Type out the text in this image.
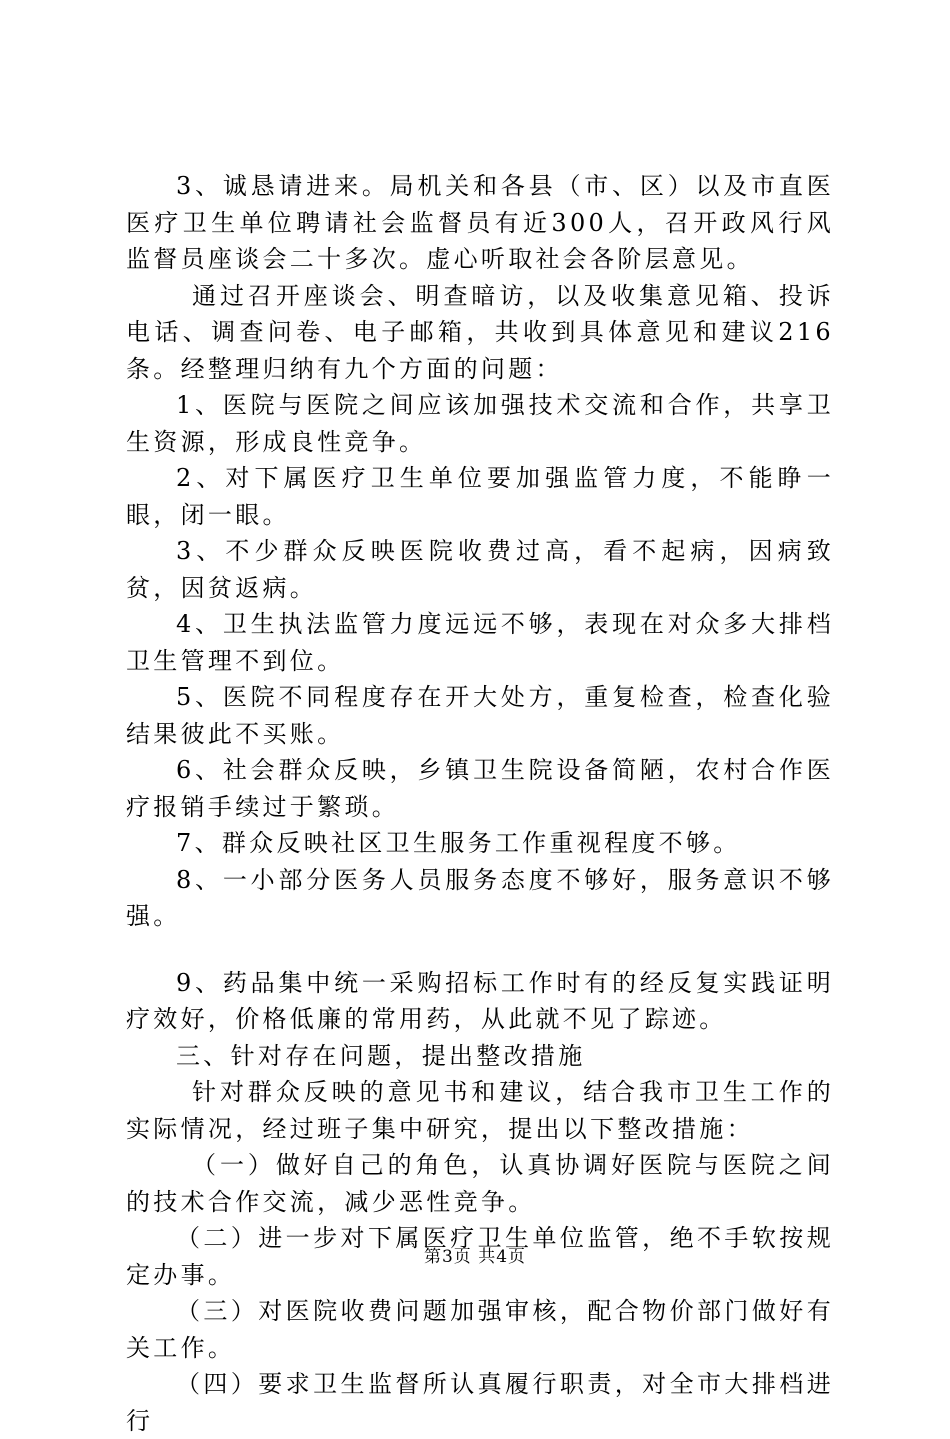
3、诚恳请进来。局机关和各县（市、区）以及市直医医疗卫生单位聘请社会监督员有近300人，召开政风行风监督员座谈会二十多次。虚心听取社会各阶层意见。

通过召开座谈会、明查暗访，以及收集意见箱、投诉电话、调查问卷、电子邮箱，共收到具体意见和建议216条。经整理归纳有九个方面的问题：

1、医院与医院之间应该加强技术交流和合作，共享卫生资源，形成良性竞争。

2、对下属医疗卫生单位要加强监管力度，不能睁一眼，闭一眼。

3、不少群众反映医院收费过高，看不起病，因病致贫，因贫返病。

4、卫生执法监管力度远远不够，表现在对众多大排档卫生管理不到位。

5、医院不同程度存在开大处方，重复检查，检查化验结果彼此不买账。

6、社会群众反映，乡镇卫生院设备简陋，农村合作医疗报销手续过于繁琐。

7、群众反映社区卫生服务工作重视程度不够。

8、一小部分医务人员服务态度不够好，服务意识不够强。

9、药品集中统一采购招标工作时有的经反复实践证明疗效好，价格低廉的常用药，从此就不见了踪迹。

三、针对存在问题，提出整改措施

针对群众反映的意见书和建议，结合我市卫生工作的实际情况，经过班子集中研究，提出以下整改措施：

（一）做好自己的角色，认真协调好医院与医院之间的技术合作交流，减少恶性竞争。

（二）进一步对下属医疗卫生单位监管，绝不手软按规定办事。

（三）对医院收费问题加强审核，配合物价部门做好有关工作。

（四）要求卫生监督所认真履行职责，对全市大排档进行

第3页 共4页
